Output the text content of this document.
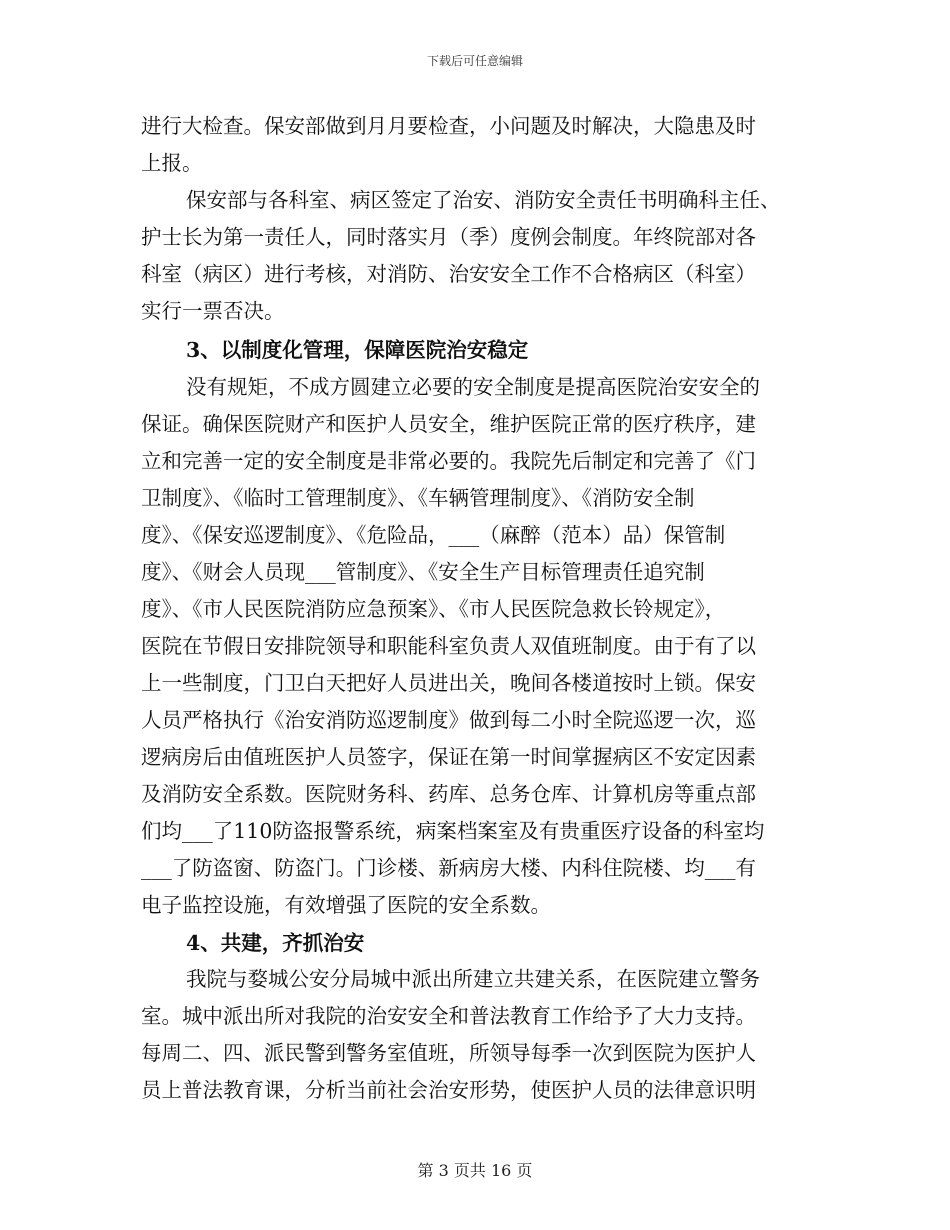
下载后可任意编辑
进行大检查。保安部做到月月要检查，小问题及时解决，大隐患及时
上报。
保安部与各科室、病区签定了治安、消防安全责任书明确科主任、
护士长为第一责任人，同时落实月（季）度例会制度。年终院部对各
科室（病区）进行考核，对消防、治安安全工作不合格病区（科室）
实行一票否决。
3、以制度化管理，保障医院治安稳定
没有规矩，不成方圆建立必要的安全制度是提高医院治安安全的
保证。确保医院财产和医护人员安全，维护医院正常的医疗秩序，建
立和完善一定的安全制度是非常必要的。我院先后制定和完善了《门
卫制度》、《临时工管理制度》、《车辆管理制度》、《消防安全制
度》、《保安巡逻制度》、《危险品，___（麻醉（范本）品）保管制
度》、《财会人员现___管制度》、《安全生产目标管理责任追究制
度》、《市人民医院消防应急预案》、《市人民医院急救长铃规定》，
医院在节假日安排院领导和职能科室负责人双值班制度。由于有了以
上一些制度，门卫白天把好人员进出关，晚间各楼道按时上锁。保安
人员严格执行《治安消防巡逻制度》做到每二小时全院巡逻一次，巡
逻病房后由值班医护人员签字，保证在第一时间掌握病区不安定因素
及消防安全系数。医院财务科、药库、总务仓库、计算机房等重点部
们均___了110防盗报警系统，病案档案室及有贵重医疗设备的科室均
___了防盗窗、防盗门。门诊楼、新病房大楼、内科住院楼、均___有
电子监控设施，有效增强了医院的安全系数。
4、共建，齐抓治安
我院与婺城公安分局城中派出所建立共建关系，在医院建立警务
室。城中派出所对我院的治安安全和普法教育工作给予了大力支持。
每周二、四、派民警到警务室值班，所领导每季一次到医院为医护人
员上普法教育课，分析当前社会治安形势，使医护人员的法律意识明
第 3 页共 16 页
